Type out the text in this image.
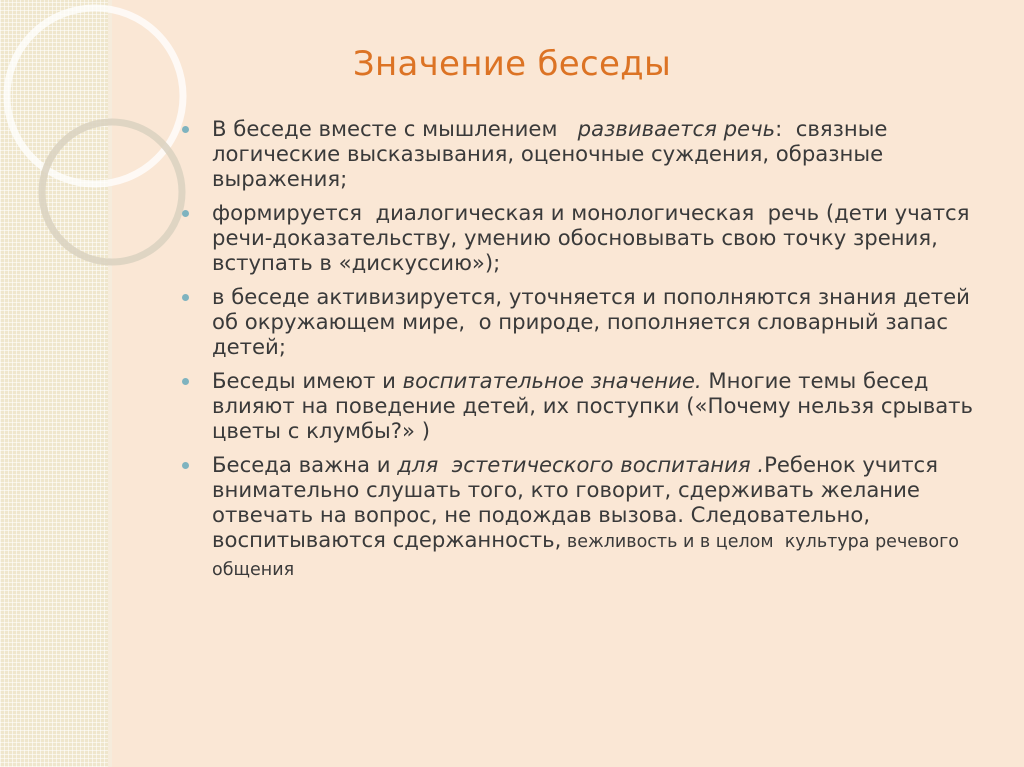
Значение беседы
В беседе вместе с мышлением   развивается речь:  связные логические высказывания, оценочные суждения, образные выражения;
формируется  диалогическая и монологическая  речь (дети учатся речи-доказательству, умению обосновывать свою точку зрения, вступать в «дискуссию»);
в беседе активизируется, уточняется и пополняются знания детей об окружающем мире,  о природе, пополняется словарный запас детей;
Беседы имеют и воспитательное значение. Многие темы бесед влияют на поведение детей, их поступки («Почему нельзя срывать цветы с клумбы?» )
Беседа важна и для  эстетического воспитания .Ребенок учится внимательно слушать того, кто говорит, сдерживать желание отвечать на вопрос, не подождав вызова. Следовательно, воспитываются сдержанность, вежливость и в целом  культура речевого общения
